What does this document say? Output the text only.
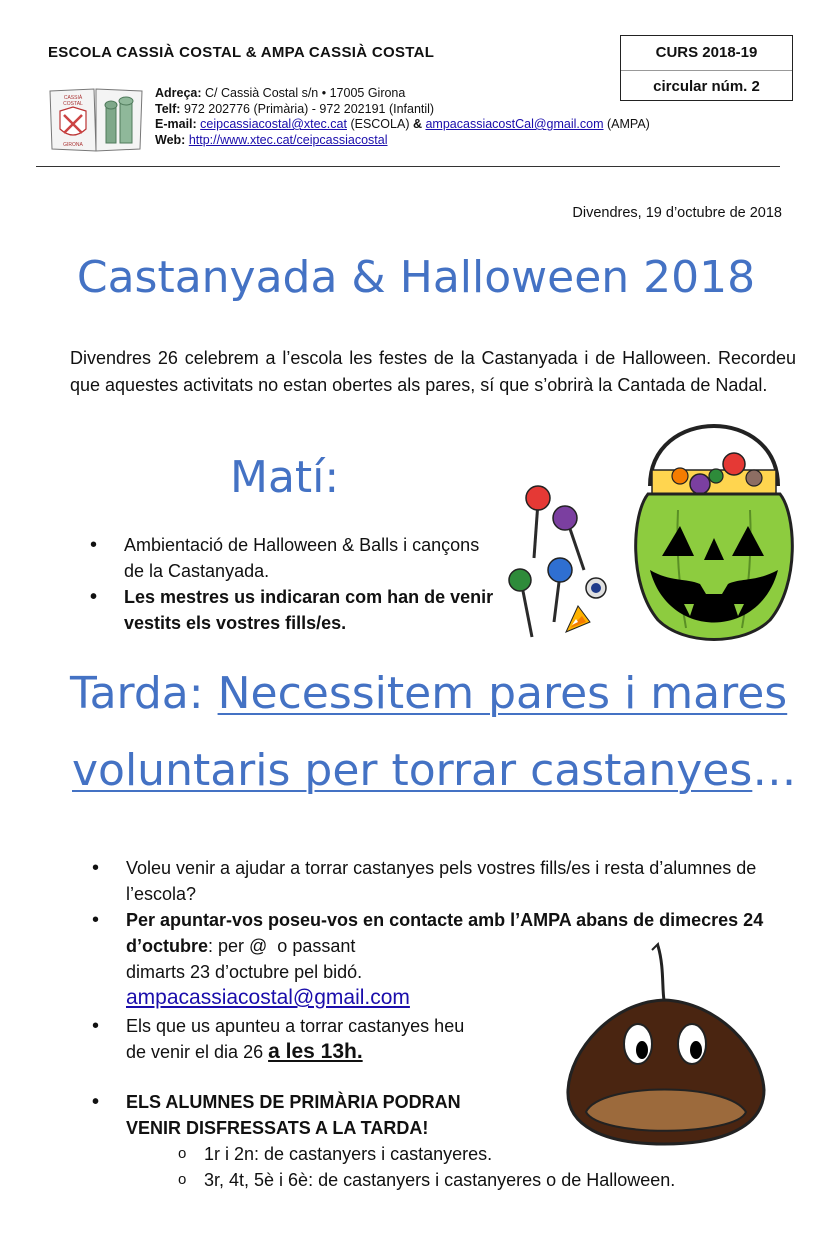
ESCOLA CASSIÀ COSTAL & AMPA CASSIÀ COSTAL	CURS 2018-19
circular núm. 2
CASSIÀ
COSTAL
GIRONA
Adreça: C/ Cassià Costal s/n • 17005 Girona
Telf: 972 202776 (Primària) - 972 202191 (Infantil)
E-mail: ceipcassiacostal@xtec.cat (ESCOLA) & ampacassiacostCal@gmail.com (AMPA)
Web: http://www.xtec.cat/ceipcassiacostal
Divendres, 19 d’octubre de 2018
Castanyada & Halloween 2018
Divendres 26 celebrem a l’escola les festes de la Castanyada i de Halloween. Recordeu que aquestes activitats no estan obertes als pares, sí que s’obrirà la Cantada de Nadal.
Matí:
• Ambientació de Halloween & Balls i cançons de la Castanyada.
• Les mestres us indicaran com han de venir vestits els vostres fills/es.
Tarda: Necessitem pares i mares
voluntaris per torrar castanyes…
• Voleu venir a ajudar a torrar castanyes pels vostres fills/es i resta d’alumnes de l’escola?
• Per apuntar-vos poseu-vos en contacte amb l’AMPA abans de dimecres 24 d’octubre: per @  o passant
dimarts 23 d’octubre pel bidó.
ampacassiacostal@gmail.com
• Els que us apunteu a torrar castanyes heu
de venir el dia 26 a les 13h.
• ELS ALUMNES DE PRIMÀRIA PODRAN
VENIR DISFRESSATS A LA TARDA!
o 1r i 2n: de castanyers i castanyeres.
o 3r, 4t, 5è i 6è: de castanyers i castanyeres o de Halloween.
